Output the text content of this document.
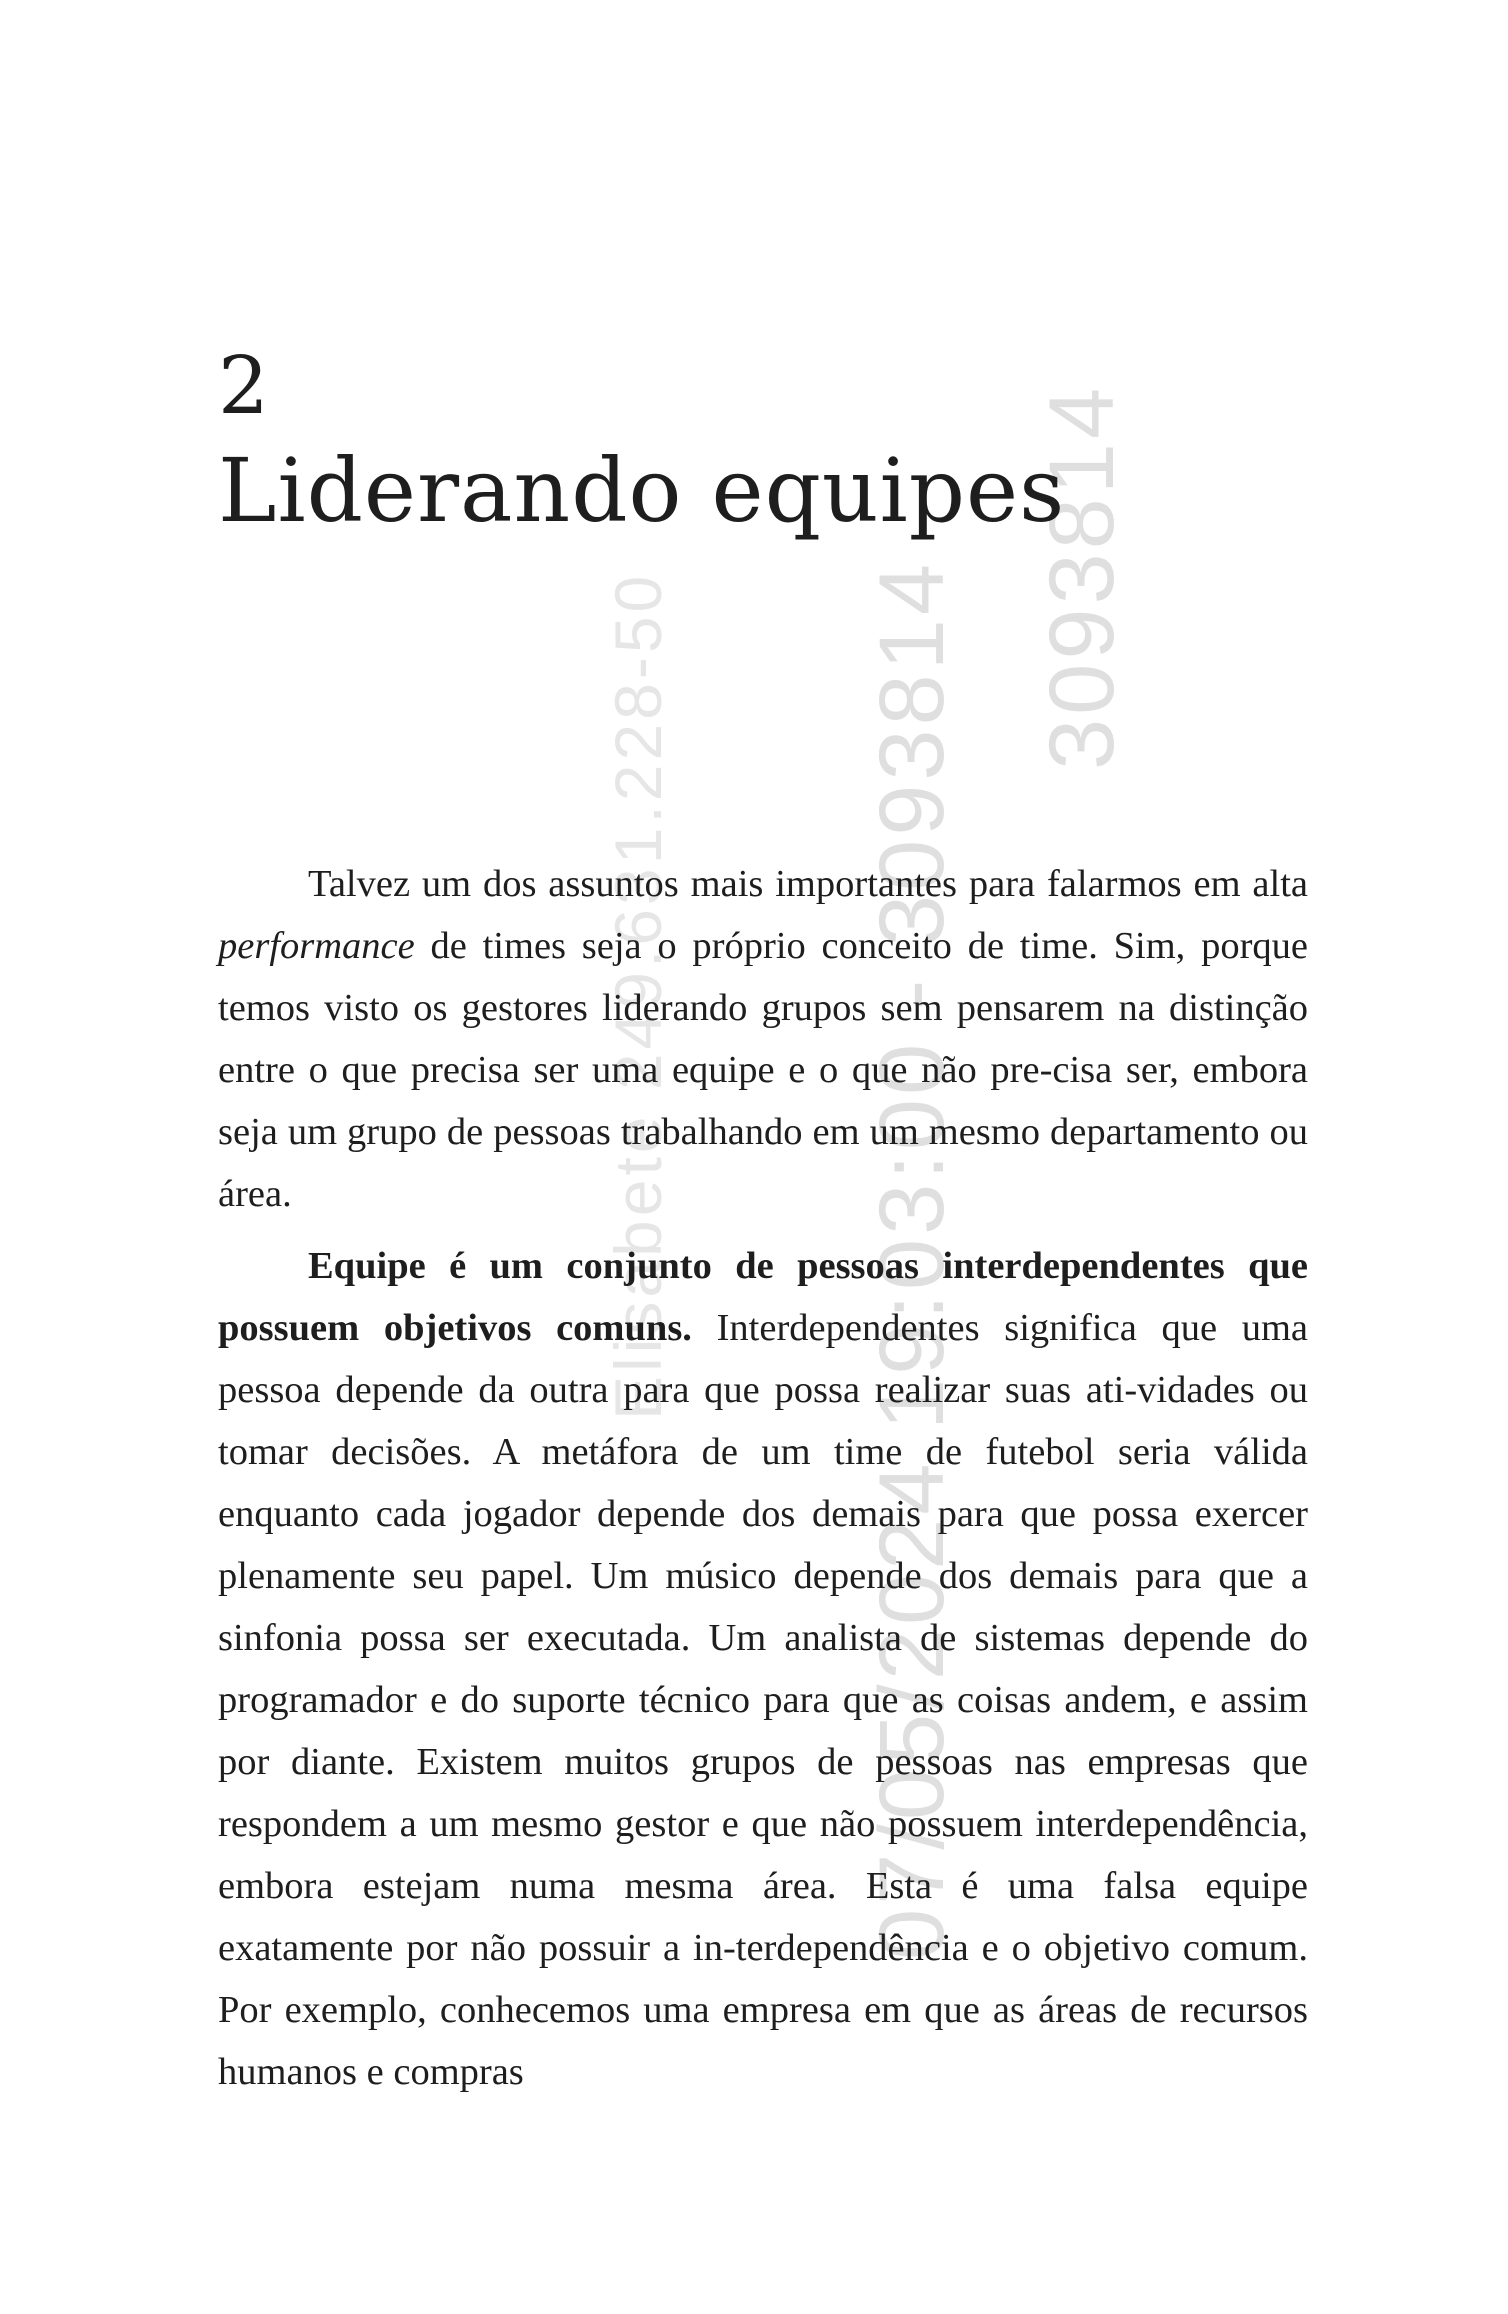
3093814
07/05/2024 19:03:00 - 3093814
Elisabete 249.631.228-50
2
Liderando equipes

Talvez um dos assuntos mais importantes para falarmos em alta performance de times seja o próprio conceito de time. Sim, porque temos visto os gestores liderando grupos sem pensarem na distinção entre o que precisa ser uma equipe e o que não pre-cisa ser, embora seja um grupo de pessoas trabalhando em um mesmo departamento ou área.

Equipe é um conjunto de pessoas interdependentes que possuem objetivos comuns. Interdependentes significa que uma pessoa depende da outra para que possa realizar suas ati-vidades ou tomar decisões. A metáfora de um time de futebol seria válida enquanto cada jogador depende dos demais para que possa exercer plenamente seu papel. Um músico depende dos demais para que a sinfonia possa ser executada. Um analista de sistemas depende do programador e do suporte técnico para que as coisas andem, e assim por diante. Existem muitos grupos de pessoas nas empresas que respondem a um mesmo gestor e que não possuem interdependência, embora estejam numa mesma área. Esta é uma falsa equipe exatamente por não possuir a in-terdependência e o objetivo comum. Por exemplo, conhecemos uma empresa em que as áreas de recursos humanos e compras
